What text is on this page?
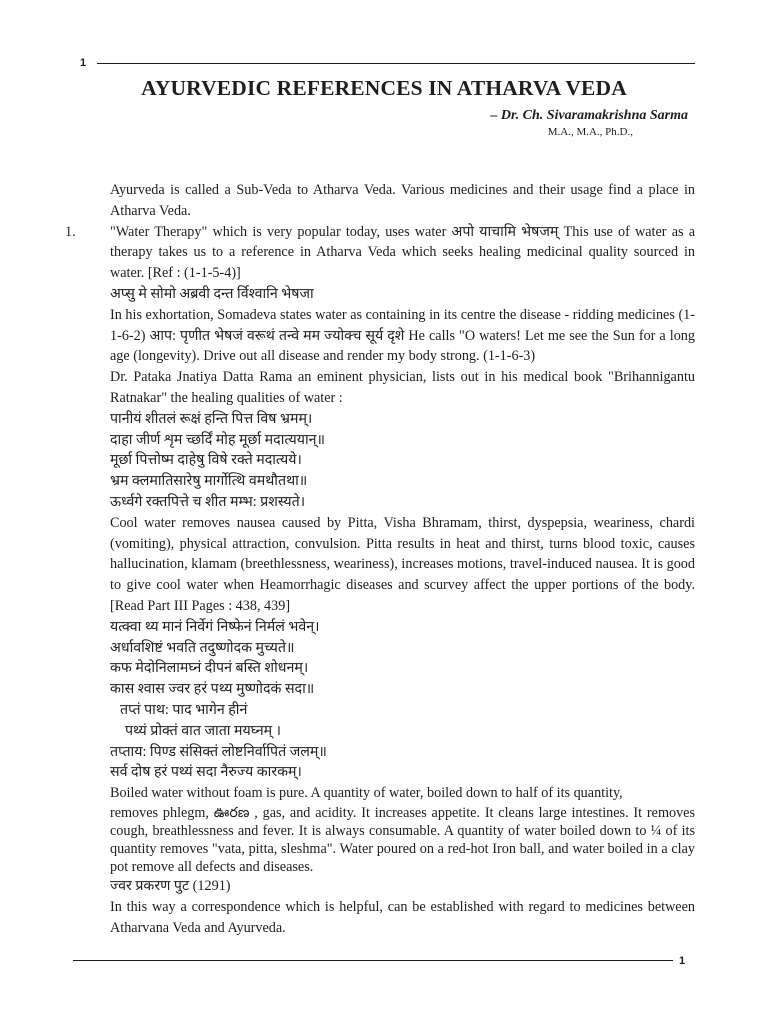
1
AYURVEDIC REFERENCES IN ATHARVA VEDA
– Dr. Ch. Sivaramakrishna Sarma
M.A., M.A., Ph.D.,

Ayurveda is called a Sub-Veda to Atharva Veda. Various medicines and their usage find a place in Atharva Veda.

1. "Water Therapy" which is very popular today, uses water अपो याचामि भेषजम् This use of water as a therapy takes us to a reference in Atharva Veda which seeks healing medicinal quality sourced in water. [Ref : (1-1-5-4)]

अप्सु मे सोमो अब्रवी दन्त र्विश्वानि भेषजा

In his exhortation, Somadeva states water as containing in its centre the disease - ridding medicines (1-1-6-2) आप: पृणीत भेषजं वरूथं तन्वे मम ज्योक्च सूर्य दृशे He calls "O waters! Let me see the Sun for a long age (longevity). Drive out all disease and render my body strong. (1-1-6-3)

Dr. Pataka Jnatiya Datta Rama an eminent physician, lists out in his medical book "Brihannigantu Ratnakar" the healing qualities of water :

पानीयं शीतलं रूक्षं हन्ति पित्त विष भ्रमम्।

दाहा जीर्ण शृम च्छर्दिं मोह मूर्छा मदात्ययान्॥

मूर्छा पित्तोष्म दाहेषु विषे रक्ते मदात्यये।

भ्रम क्लमातिसारेषु मार्गोत्थि वमथौतथा॥

ऊर्ध्वगे रक्तपित्ते च शीत मम्भ: प्रशस्यते।

Cool water removes nausea caused by Pitta, Visha Bhramam, thirst, dyspepsia, weariness, chardi (vomiting), physical attraction, convulsion. Pitta results in heat and thirst, turns blood toxic, causes hallucination, klamam (breethlessness, weariness), increases motions, travel-induced nausea. It is good to give cool water when Heamorrhagic diseases and scurvey affect the upper portions of the body. [Read Part III Pages : 438, 439]

यत्क्वा थ्य मानं निर्वेगं निष्फेनं निर्मलं भवेन्।

अर्धावशिष्टं भवति तदुष्णोदक मुच्यते॥

कफ मेदोनिलामघ्नं दीपनं बस्ति शोधनम्।

कास श्वास ज्वर हरं पथ्य मुष्णोदकं सदा॥

तप्तं पाथ: पाद भागेन हीनं

पथ्यं प्रोक्तं वात जाता मयघ्नम् ।

तप्ताय: पिण्ड संसिक्तं लोष्टनिर्वापितं जलम्॥

सर्व दोष हरं पथ्यं सदा नैरुज्य कारकम्।

Boiled water without foam is pure. A quantity of water, boiled down to half of its quantity,

removes phlegm, ఊరణ , gas, and acidity. It increases appetite. It cleans large intestines. It removes cough, breathlessness and fever. It is always consumable. A quantity of water boiled down to ¼ of its quantity removes "vata, pitta, sleshma". Water poured on a red-hot Iron ball, and water boiled in a clay pot remove all defects and diseases.

ज्वर प्रकरण पुट (1291)

In this way a correspondence which is helpful, can be established with regard to medicines between Atharvana Veda and Ayurveda.

1
